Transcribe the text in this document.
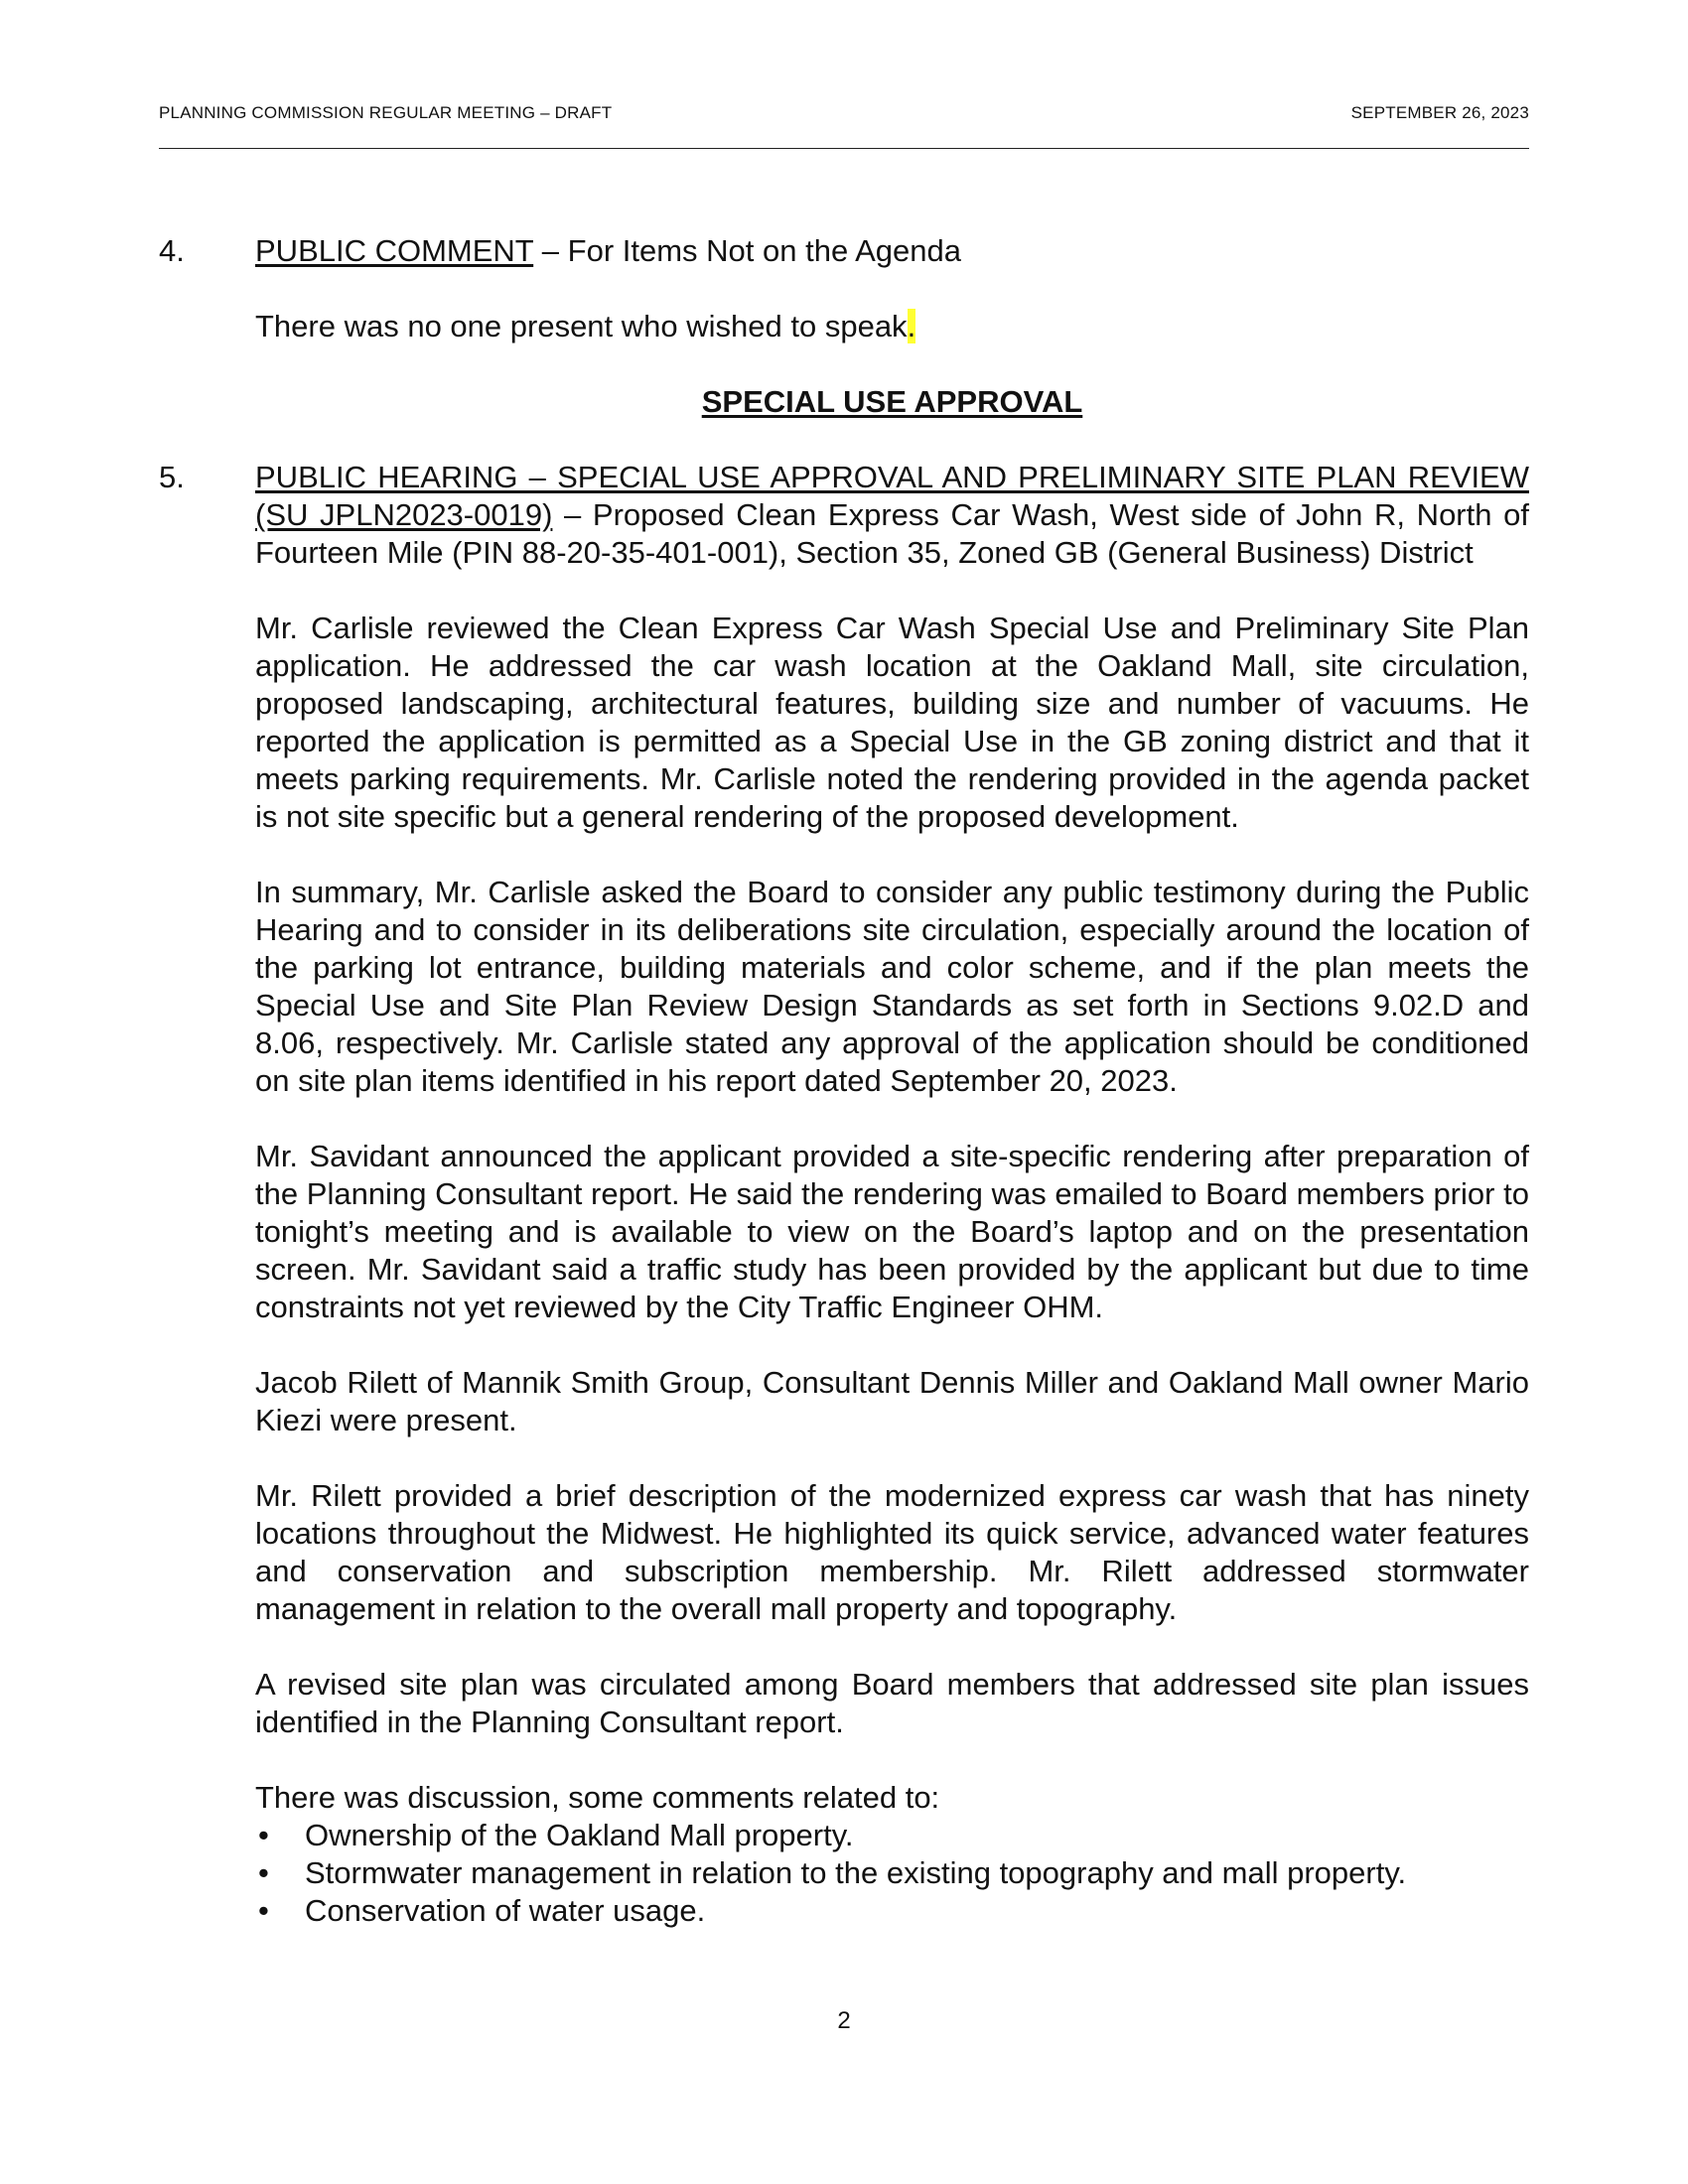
PLANNING COMMISSION REGULAR MEETING – DRAFT	SEPTEMBER 26, 2023
4. PUBLIC COMMENT – For Items Not on the Agenda

There was no one present who wished to speak.

SPECIAL USE APPROVAL
5. PUBLIC HEARING – SPECIAL USE APPROVAL AND PRELIMINARY SITE PLAN REVIEW (SU JPLN2023-0019) – Proposed Clean Express Car Wash, West side of John R, North of Fourteen Mile (PIN 88-20-35-401-001), Section 35, Zoned GB (General Business) District

Mr. Carlisle reviewed the Clean Express Car Wash Special Use and Preliminary Site Plan application. He addressed the car wash location at the Oakland Mall, site circulation, proposed landscaping, architectural features, building size and number of vacuums. He reported the application is permitted as a Special Use in the GB zoning district and that it meets parking requirements. Mr. Carlisle noted the rendering provided in the agenda packet is not site specific but a general rendering of the proposed development.

In summary, Mr. Carlisle asked the Board to consider any public testimony during the Public Hearing and to consider in its deliberations site circulation, especially around the location of the parking lot entrance, building materials and color scheme, and if the plan meets the Special Use and Site Plan Review Design Standards as set forth in Sections 9.02.D and 8.06, respectively. Mr. Carlisle stated any approval of the application should be conditioned on site plan items identified in his report dated September 20, 2023.

Mr. Savidant announced the applicant provided a site-specific rendering after preparation of the Planning Consultant report. He said the rendering was emailed to Board members prior to tonight’s meeting and is available to view on the Board’s laptop and on the presentation screen. Mr. Savidant said a traffic study has been provided by the applicant but due to time constraints not yet reviewed by the City Traffic Engineer OHM.

Jacob Rilett of Mannik Smith Group, Consultant Dennis Miller and Oakland Mall owner Mario Kiezi were present.

Mr. Rilett provided a brief description of the modernized express car wash that has ninety locations throughout the Midwest. He highlighted its quick service, advanced water features and conservation and subscription membership. Mr. Rilett addressed stormwater management in relation to the overall mall property and topography.

A revised site plan was circulated among Board members that addressed site plan issues identified in the Planning Consultant report.

There was discussion, some comments related to:

• Ownership of the Oakland Mall property.
• Stormwater management in relation to the existing topography and mall property.
• Conservation of water usage.
2
